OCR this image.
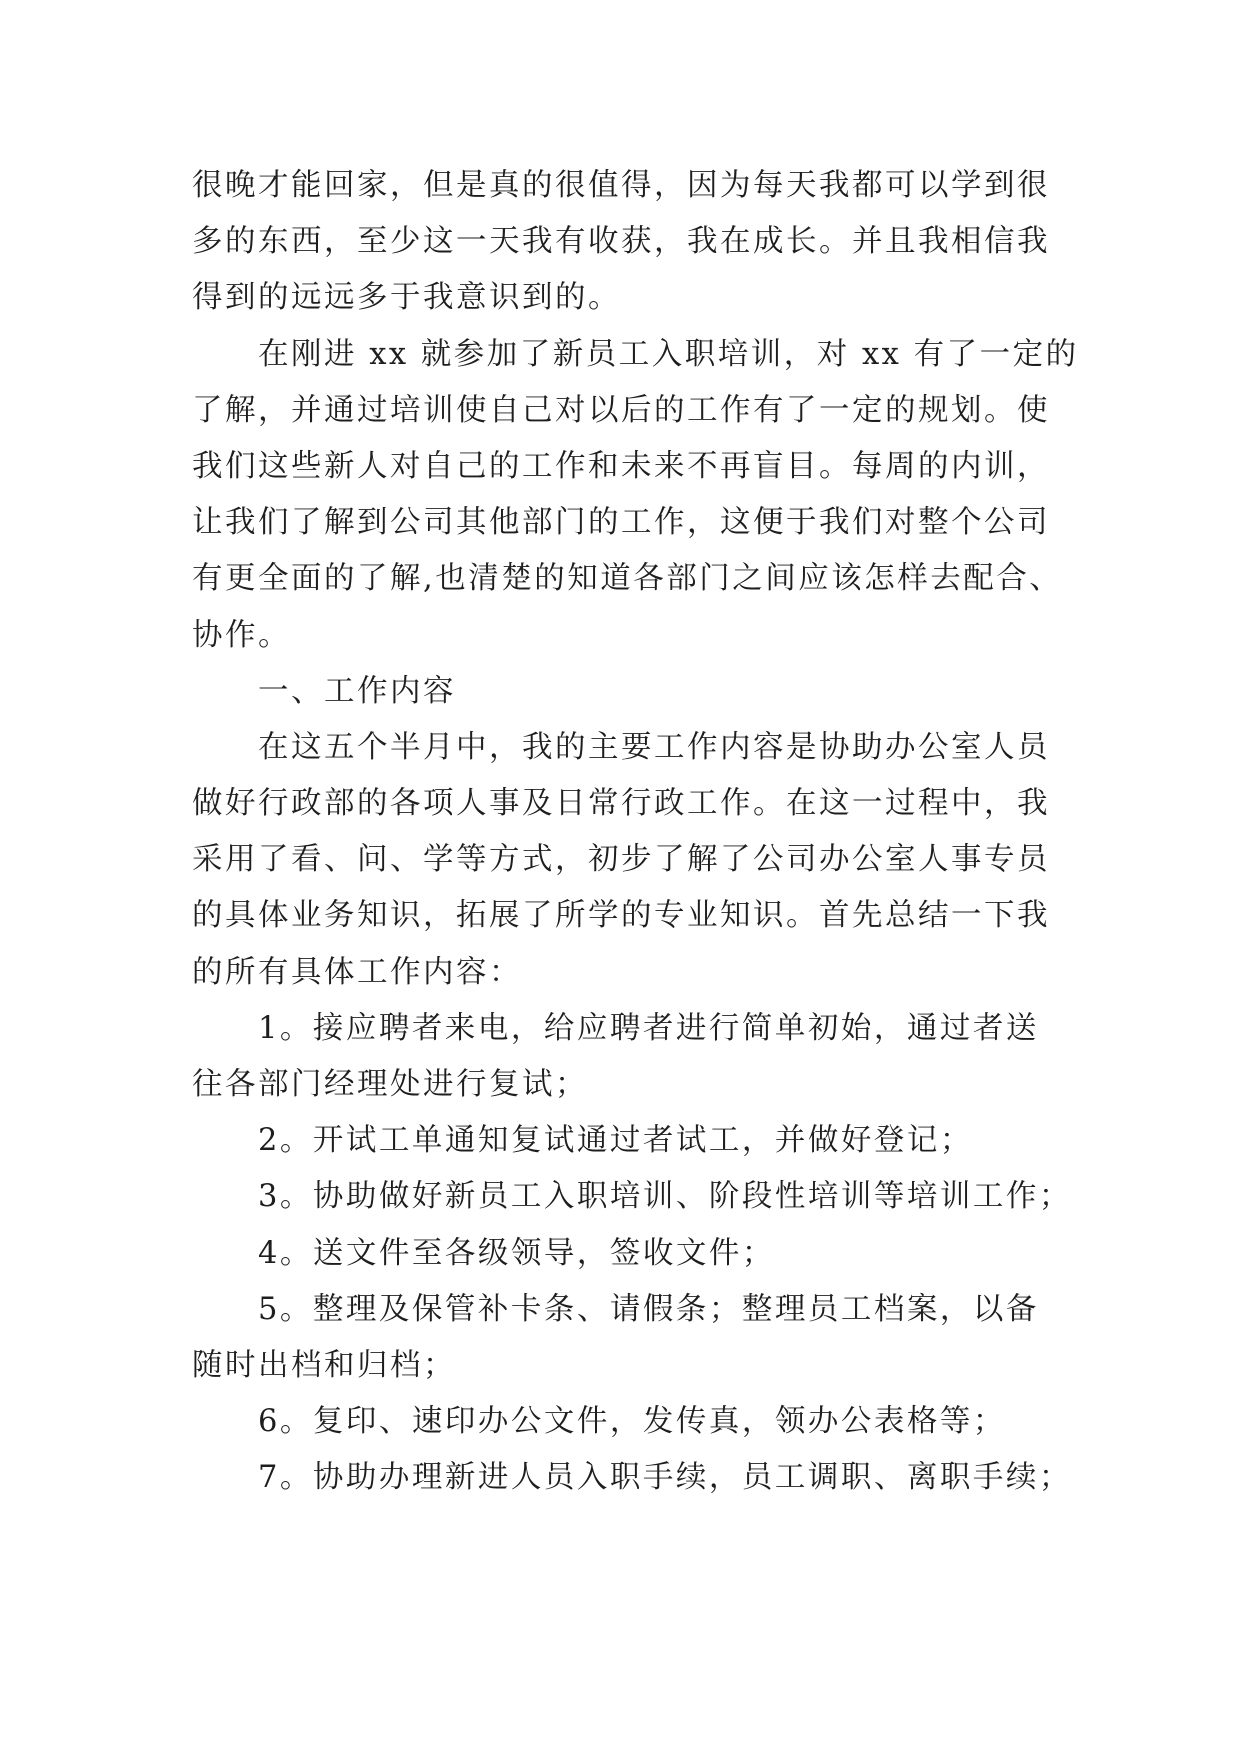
很晚才能回家，但是真的很值得，因为每天我都可以学到很
多的东西，至少这一天我有收获，我在成长。并且我相信我
得到的远远多于我意识到的。
在刚进 xx 就参加了新员工入职培训，对 xx 有了一定的
了解，并通过培训使自己对以后的工作有了一定的规划。使
我们这些新人对自己的工作和未来不再盲目。每周的内训，
让我们了解到公司其他部门的工作，这便于我们对整个公司
有更全面的了解,也清楚的知道各部门之间应该怎样去配合、
协作。
一、工作内容
在这五个半月中，我的主要工作内容是协助办公室人员
做好行政部的各项人事及日常行政工作。在这一过程中，我
采用了看、问、学等方式，初步了解了公司办公室人事专员
的具体业务知识，拓展了所学的专业知识。首先总结一下我
的所有具体工作内容：
1。接应聘者来电，给应聘者进行简单初始，通过者送
往各部门经理处进行复试；
2。开试工单通知复试通过者试工，并做好登记；
3。协助做好新员工入职培训、阶段性培训等培训工作；
4。送文件至各级领导，签收文件；
5。整理及保管补卡条、请假条；整理员工档案，以备
随时出档和归档；
6。复印、速印办公文件，发传真，领办公表格等；
7。协助办理新进人员入职手续，员工调职、离职手续；
